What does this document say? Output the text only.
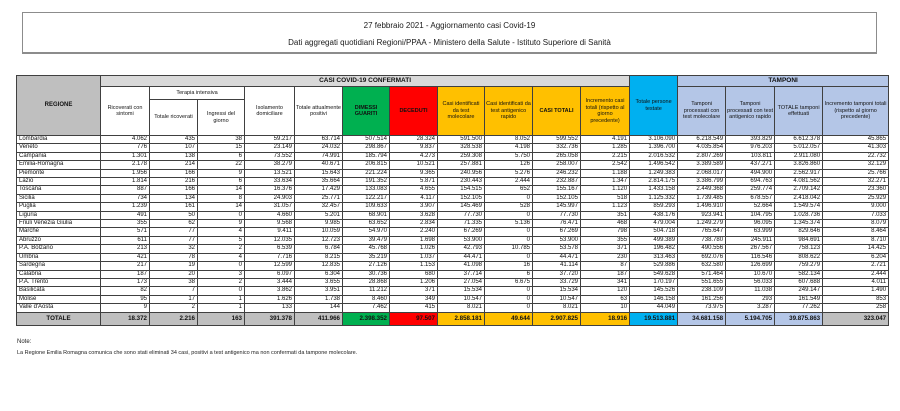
27 febbraio 2021 - Aggiornamento casi Covid-19
Dati aggregati quotidiani Regioni/PPAA - Ministero della Salute - Istituto Superiore di Sanità
REGIONE	CASI COVID-19 CONFERMATI											Totale persone testate	TAMPONI			
	Ricoverati con sintomi	Terapia intensiva		Isolamento domiciliare	Totale attualmente positivi	DIMESSI GUARITI	DECEDUTI	Casi identificati da test molecolare	Casi identificati da test antigenico rapido	CASI TOTALI	Incremento casi totali (rispetto al giorno precedente)		Tamponi processati con test molecolare	Tamponi processati con test antigenico rapido	TOTALE tamponi effettuati	Incremento tamponi totali (rispetto al giorno precedente)
		Totale ricoverati	Ingressi del giorno													
Lombardia	4.062	435	38	59.217	63.714	507.514	28.324	591.500	8.052	599.552	4.191	3.106.090	6.218.549	393.829	6.612.378	45.865
Veneto	776	107	15	23.149	24.032	298.867	9.837	328.538	4.198	332.736	1.285	1.396.700	4.035.854	976.203	5.012.057	41.303
Campania	1.301	138	6	73.552	74.991	185.794	4.273	259.308	5.750	265.058	2.215	2.016.532	2.807.269	103.811	2.911.080	22.732
Emilia-Romagna	2.178	214	22	38.279	40.671	206.815	10.521	257.881	126	258.007	2.542	1.496.542	3.389.589	437.271	3.826.860	32.129
Piemonte	1.956	166	9	13.521	15.643	221.224	9.365	240.956	5.276	246.232	1.188	1.249.383	2.068.017	494.900	2.562.917	25.766
Lazio	1.814	216	6	33.634	35.664	191.352	5.871	230.443	2.444	232.887	1.347	2.814.175	3.386.799	694.763	4.081.562	32.271
Toscana	887	166	14	16.376	17.429	133.083	4.655	154.515	652	155.167	1.120	1.433.158	2.449.368	259.774	2.709.142	23.360
Sicilia	734	134	8	24.903	25.771	122.217	4.117	152.105	0	152.105	518	1.125.332	1.739.485	678.557	2.418.042	25.929
Puglia	1.239	161	14	31.057	32.457	109.633	3.907	145.469	528	145.997	1.123	859.293	1.496.910	52.664	1.549.574	9.000
Liguria	491	50	0	4.660	5.201	68.901	3.628	77.730	0	77.730	351	438.176	923.941	104.795	1.028.736	7.033
Friuli Venezia Giulia	355	62	9	9.568	9.985	63.652	2.834	71.335	5.136	76.471	468	479.004	1.249.279	96.095	1.345.374	8.079
Marche	571	77	4	9.411	10.059	54.970	2.240	67.269	0	67.269	798	504.718	765.647	63.999	829.646	8.464
Abruzzo	611	77	5	12.035	12.723	39.479	1.698	53.900	0	53.900	355	499.389	738.780	245.911	984.691	8.710
P.A. Bolzano	213	32	2	6.539	6.784	45.768	1.026	42.793	10.785	53.578	371	196.482	490.556	267.567	758.123	14.425
Umbria	421	78	4	7.716	8.215	35.219	1.037	44.471	0	44.471	230	313.463	692.076	116.546	808.622	6.204
Sardegna	217	19	0	12.599	12.835	27.126	1.153	41.098	16	41.114	87	529.886	632.580	126.699	759.279	2.721
Calabria	187	20	3	6.097	6.304	30.736	680	37.714	6	37.720	187	549.628	571.464	10.670	582.134	2.444
P.A. Trento	173	38	2	3.444	3.655	28.868	1.206	27.054	6.675	33.729	341	170.197	551.655	56.033	607.688	4.011
Basilicata	82	7	0	3.862	3.951	11.212	371	15.534	0	15.534	120	145.526	238.109	11.038	249.147	1.490
Molise	95	17	1	1.626	1.738	8.460	349	10.547	0	10.547	63	146.158	161.256	293	161.549	853
Valle d'Aosta	9	2	1	133	144	7.462	415	8.021	0	8.021	10	44.049	73.975	3.287	77.262	258
TOTALE	18.372	2.216	163	391.378	411.966	2.398.352	97.507	2.858.181	49.644	2.907.825	18.916	19.513.881	34.681.158	5.194.705	39.875.863	323.047
Note:
La Regione Emilia Romagna comunica che sono stati eliminati 34 casi, positivi a test antigenico ma non confermati da tampone molecolare.
